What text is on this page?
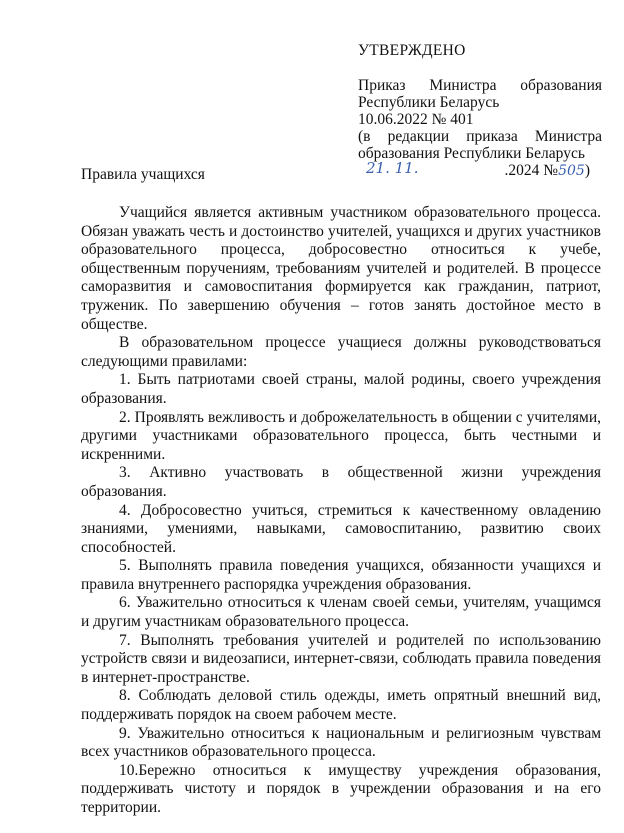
УТВЕРЖДЕНО

Приказ Министра образования

Республики Беларусь

10.06.2022 № 401

(в редакции приказа Министра

образования Республики Беларусь

21. 11.	.2024 №505)
Правила учащихся

Учащийся является активным участником образовательного процесса. Обязан уважать честь и достоинство учителей, учащихся и других участников образовательного процесса, добросовестно относиться к учебе, общественным поручениям, требованиям учителей и родителей. В процессе саморазвития и самовоспитания формируется как гражданин, патриот, труженик. По завершению обучения – готов занять достойное место в обществе.

В образовательном процессе учащиеся должны руководствоваться следующими правилами:

1. Быть патриотами своей страны, малой родины, своего учреждения образования.
2. Проявлять вежливость и доброжелательность в общении с учителями, другими участниками образовательного процесса, быть честными и искренними.
3. Активно участвовать в общественной жизни учреждения образования.
4. Добросовестно учиться, стремиться к качественному овладению знаниями, умениями, навыками, самовоспитанию, развитию своих способностей.
5. Выполнять правила поведения учащихся, обязанности учащихся и правила внутреннего распорядка учреждения образования.
6. Уважительно относиться к членам своей семьи, учителям, учащимся и другим участникам образовательного процесса.
7. Выполнять требования учителей и родителей по использованию устройств связи и видеозаписи, интернет-связи, соблюдать правила поведения в интернет-пространстве.
8. Соблюдать деловой стиль одежды, иметь опрятный внешний вид, поддерживать порядок на своем рабочем месте.
9. Уважительно относиться к национальным и религиозным чувствам всех участников образовательного процесса.
10.Бережно относиться к имуществу учреждения образования, поддерживать чистоту и порядок в учреждении образования и на его территории.
